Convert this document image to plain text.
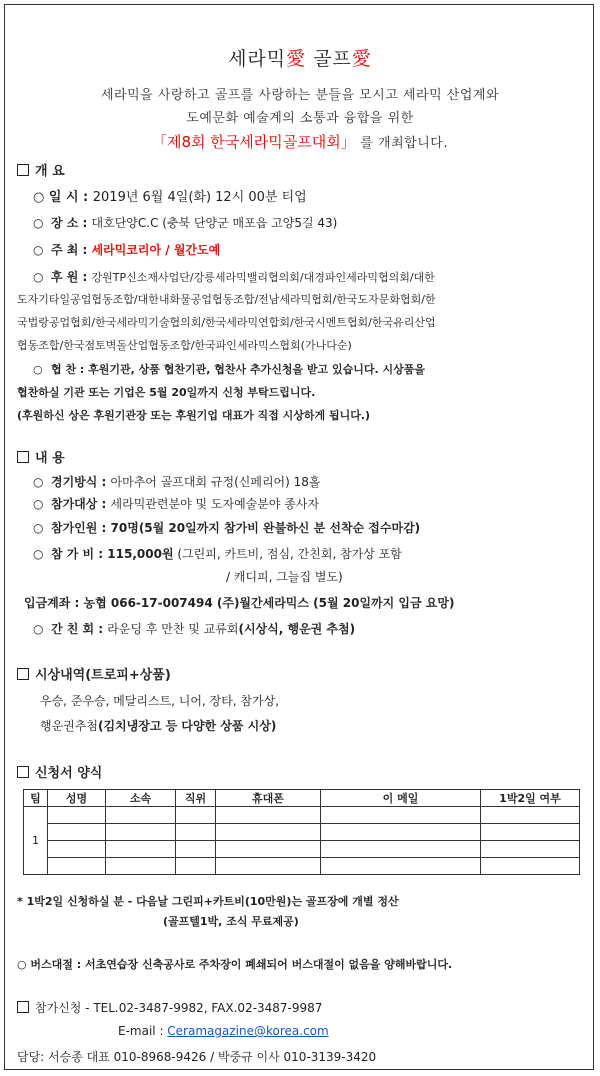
세라믹愛 골프愛
세라믹을 사랑하고 골프를 사랑하는 분들을 모시고 세라믹 산업계와
도예문화 예술계의 소통과 융합을 위한
「제8회 한국세라믹골프대회」 를 개최합니다.
개 요
○ 일 시 : 2019년 6월 4일(화) 12시 00분 티업
○ 장 소 : 대호단양C.C (충북 단양군 매포읍 고양5길 43)
○ 주 최 : 세라믹코리아 / 월간도예
○ 후 원 : 강원TP신소재사업단/강릉세라믹밸리협의회/대경파인세라믹협의회/대한
도자기타일공업협동조합/대한내화물공업협동조합/전남세라믹협회/한국도자문화협회/한
국법랑공업협회/한국세라믹기술협의회/한국세라믹연합회/한국시멘트협회/한국유리산업
협동조합/한국점토벽돌산업협동조합/한국파인세라믹스협회(가나다순)
○ 협 찬 : 후원기관, 상품 협찬기관, 협찬사 추가신청을 받고 있습니다. 시상품을
협찬하실 기관 또는 기업은 5월 20일까지 신청 부탁드립니다.
(후원하신 상은 후원기관장 또는 후원기업 대표가 직접 시상하게 됩니다.)
내 용
○ 경기방식 : 아마추어 골프대회 규정(신페리어) 18홀
○ 참가대상 : 세라믹관련분야 및 도자예술분야 종사자
○ 참가인원 : 70명(5월 20일까지 참가비 완불하신 분 선착순 접수마감)
○ 참 가 비 : 115,000원 (그린피, 카트비, 점심, 간친회, 참가상 포함
/ 캐디피, 그늘집 별도)
입금계좌 : 농협 066-17-007494 (주)월간세라믹스 (5월 20일까지 입금 요망)
○ 간 친 회 : 라운딩 후 만찬 및 교류회(시상식, 행운권 추첨)
시상내역(트로피+상품)
우승, 준우승, 메달리스트, 니어, 장타, 참가상,
행운권추첨(김치냉장고 등 다양한 상품 시상)
신청서 양식
팀	성명	소속	직위	휴대폰	이 메일	1박2일 여부
1						

* 1박2일 신청하실 분 - 다음날 그린피+카트비(10만원)는 골프장에 개별 정산
(골프텔1박, 조식 무료제공)
○ 버스대절 : 서초연습장 신축공사로 주차장이 폐쇄되어 버스대절이 없음을 양해바랍니다.
참가신청 - TEL.02-3487-9982, FAX.02-3487-9987
E-mail : Ceramagazine@korea.com
담당: 서승종 대표 010-8968-9426 / 박중규 이사 010-3139-3420
